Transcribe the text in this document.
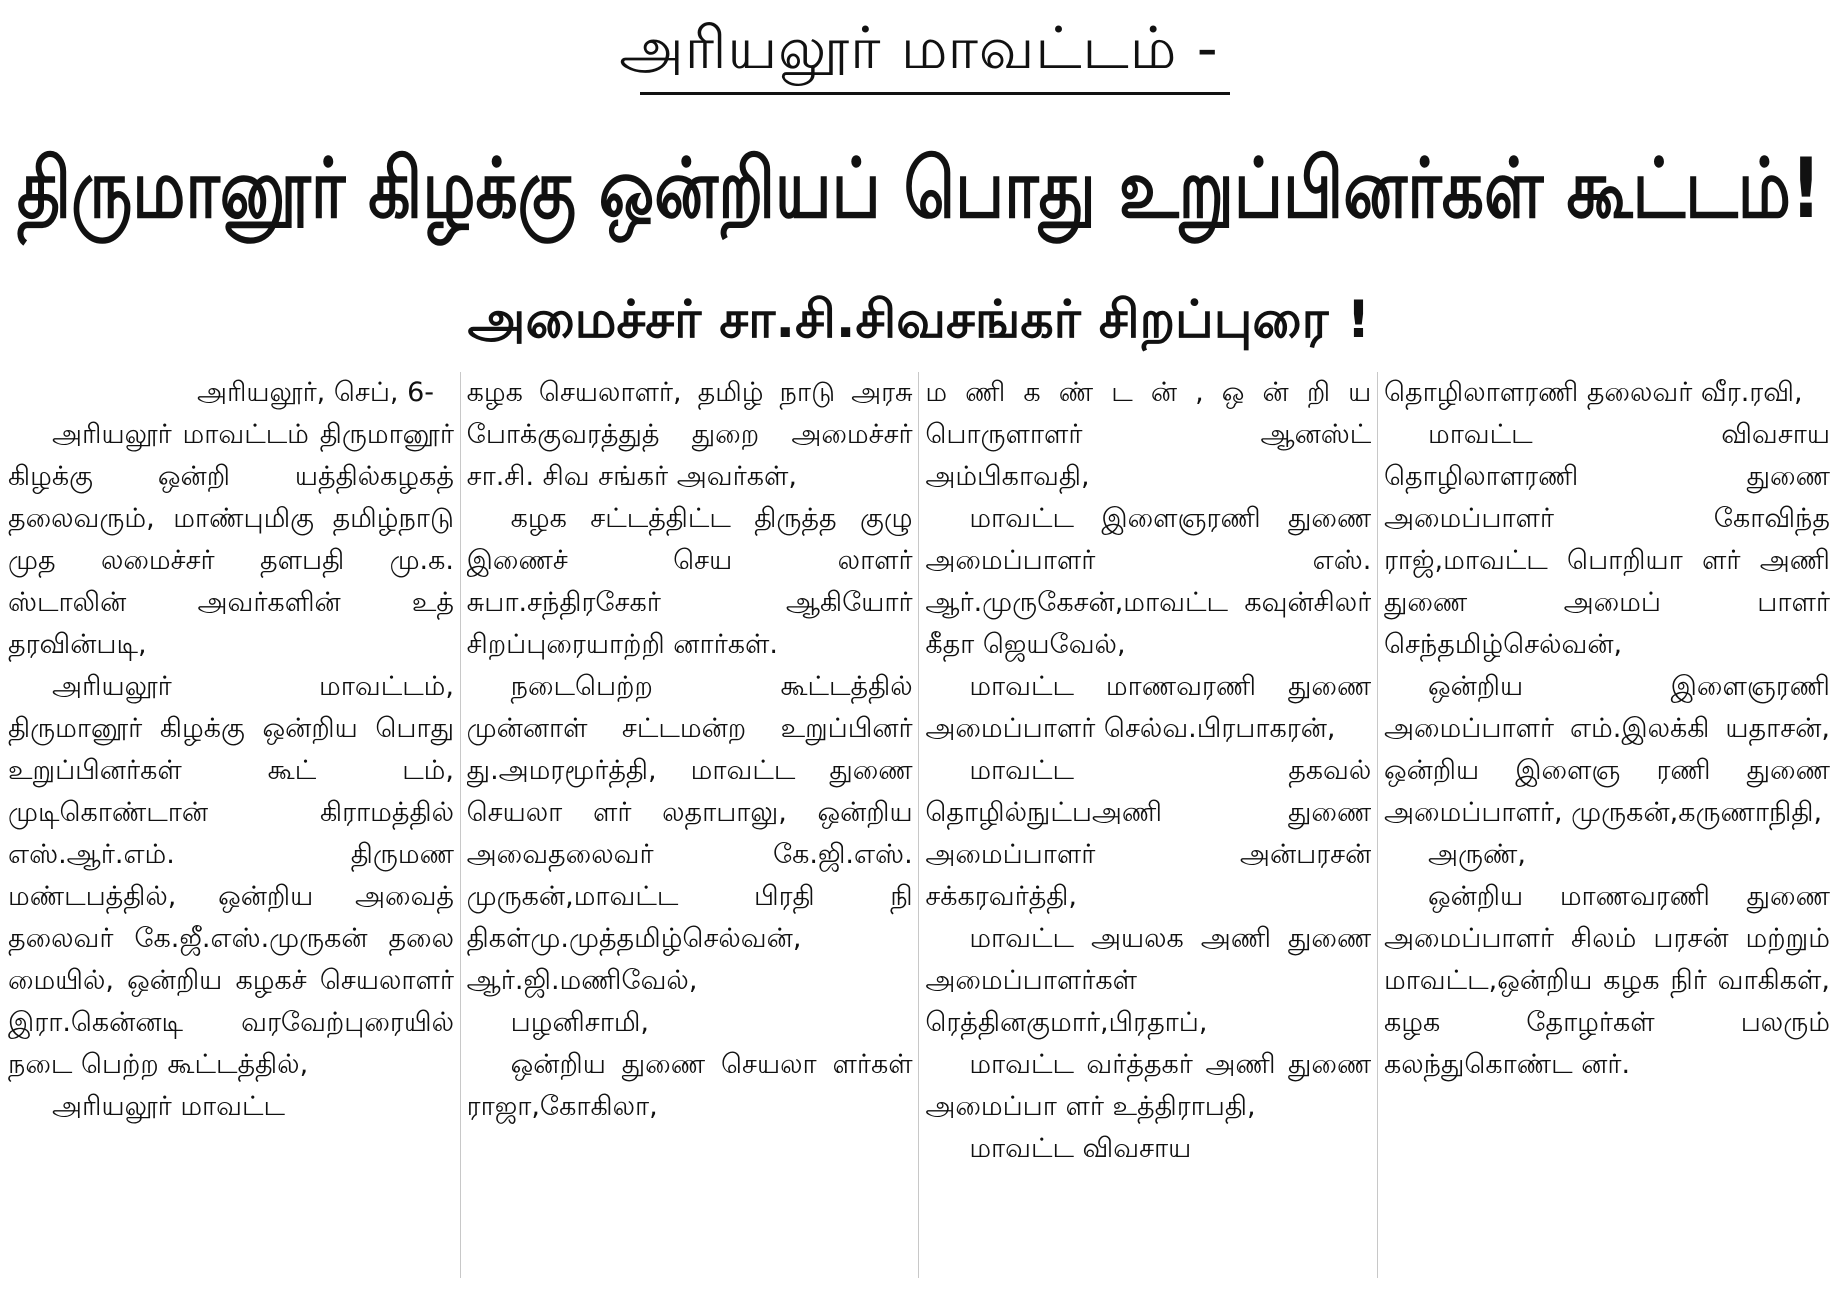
அரியலூர் மாவட்டம் -
திருமானூர் கிழக்கு ஒன்றியப் பொது உறுப்பினர்கள் கூட்டம்!
அமைச்சர் சா.சி.சிவசங்கர் சிறப்புரை !

அரியலூர், செப், 6-

அரியலூர் மாவட்டம் திருமானூர் கிழக்கு ஒன்றி யத்தில்கழகத் தலைவரும், மாண்புமிகு தமிழ்நாடு முத லமைச்சர் தளபதி மு.க. ஸ்டாலின் அவர்களின் உத் தரவின்படி,

அரியலூர் மாவட்டம், திருமானூர் கிழக்கு ஒன்றிய பொது உறுப்பினர்கள் கூட் டம், முடிகொண்டான் கிராமத்தில் எஸ்.ஆர்.எம். திருமண மண்டபத்தில், ஒன்றிய அவைத் தலைவர் கே.ஜீ.எஸ்.முருகன் தலை மையில், ஒன்றிய கழகச் செயலாளர் இரா.கென்னடி வரவேற்புரையில் நடை பெற்ற கூட்டத்தில்,

அரியலூர் மாவட்ட

கழக செயலாளர், தமிழ் நாடு அரசு போக்குவரத்துத் துறை அமைச்சர் சா.சி. சிவ சங்கர் அவர்கள்,

கழக சட்டத்திட்ட திருத்த குழு இணைச் செய லாளர் சுபா.சந்திரசேகர் ஆகியோர் சிறப்புரையாற்றி னார்கள்.

நடைபெற்ற கூட்டத்தில் முன்னாள் சட்டமன்ற உறுப்பினர் து.அமரமூர்த்தி, மாவட்ட துணை செயலா ளர் லதாபாலு, ஒன்றிய அவைதலைவர் கே.ஜி.எஸ். முருகன்,மாவட்ட பிரதி நி திகள்மு.முத்தமிழ்செல்வன், ஆர்.ஜி.மணிவேல்,

பழனிசாமி,

ஒன்றிய துணை செயலா ளர்கள் ராஜா,கோகிலா,

ம ணி க ண் ட ன் , ஒ ன் றி ய பொருளாளர் ஆனஸ்ட் அம்பிகாவதி,

மாவட்ட இளைஞரணி துணை அமைப்பாளர் எஸ். ஆர்.முருகேசன்,மாவட்ட கவுன்சிலர் கீதா ஜெயவேல்,

மாவட்ட மாணவரணி துணை அமைப்பாளர் செல்வ.பிரபாகரன்,

மாவட்ட தகவல் தொழில்நுட்பஅணி துணை அமைப்பாளர் அன்பரசன் சக்கரவர்த்தி,

மாவட்ட அயலக அணி துணை அமைப்பாளர்கள் ரெத்தினகுமார்,பிரதாப்,

மாவட்ட வர்த்தகர் அணி துணை அமைப்பா ளர் உத்திராபதி,

மாவட்ட விவசாய

தொழிலாளரணி தலைவர் வீர.ரவி,

மாவட்ட விவசாய தொழிலாளரணி துணை அமைப்பாளர் கோவிந்த ராஜ்,மாவட்ட பொறியா ளர் அணி துணை அமைப் பாளர் செந்தமிழ்செல்வன்,

ஒன்றிய இளைஞரணி அமைப்பாளர் எம்.இலக்கி யதாசன், ஒன்றிய இளைஞ ரணி துணை அமைப்பாளர், முருகன்,கருணாநிதி,

அருண்,

ஒன்றிய மாணவரணி துணை அமைப்பாளர் சிலம் பரசன் மற்றும் மாவட்ட,ஒன்றிய கழக நிர் வாகிகள், கழக தோழர்கள் பலரும் கலந்துகொண்ட னர்.
